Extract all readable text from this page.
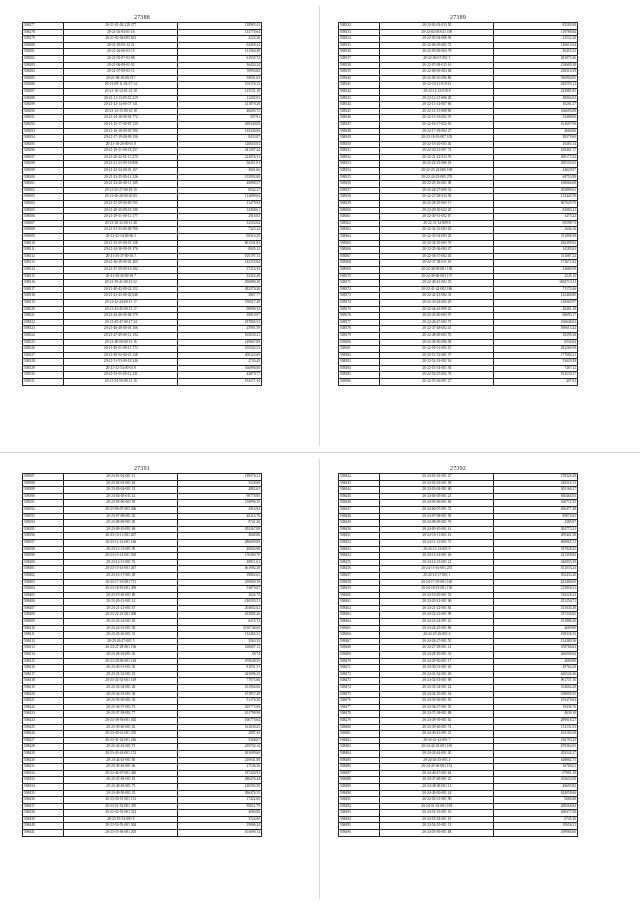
27388
508277	20-21-01-02-218 277	118985.41
508278	20-21-03-04-01-16	113770.64
508279	20-21-02-04-005 601	4123.20
508280	20-21-03-05-12 21	64459.24
508281	20-21-04-06-03-15	131564.48
508282	20-21-05-07-03-88	61935.72
508283	20-21-06-08-01-52	36434.24
508284	20-21-07-09-03-11	70993.82
508285	20-21-08-10-08-517	59001.63
508286	20-21-09-11-02-57 14	101176.13
508287	20-21-10-12-01-21 18	125531.18
508288	20-21-11-13-00-52 219	11292.03
508289	20-21-12-14-00-37 141	141879.28
508290	20-21-13-15-00-16 18	46605.72
508291	20-21-14-16-00-04 772	307.81
508292	20-21-15-17-00-07 120	269340.08
508293	20-21-16-18-00-05 590	135446.06
508294	20-21-17-19-00-09 136	8433.87
508295	20-21-18-20-00-01 8	120650.04
508296	20-21-19-21-00-18 357	341397.44
508297	20-21-20-22-01-13 270	224976.31
508298	20-21-21-23-00-18 808	56451.01
508299	20-21-22-24-00-01 167	4661.66
508300	20-21-23-25-00-11 326	152992.08
508301	20-21-24-26-00-11 109	46898.57
508302	20-21-25-27-00-18 10	8542.27
508303	20-21-26-28-00-45 83	112689.64
508304	20-21-27-29-00-00 705	11479.92
508305	20-21-28-30-00-18 100	14368.61
508306	20-21-29-31-00-12 177	2916.82
508307	20-21-30-32-00-11 48	52354.64
508308	20-21-31-33-00-06 706	7323.22
508309	20-21-32-34-00-06 5	60314.29
508310	20-21-33-35-00-07 128	601341.82
508311	20-21-34-36-00-01 176	8945.12
508312	20-21-35-37-00-18 7	105197.13
508313	20-21-36-38-00-01 400	142155.84
508314	20-21-37-39-00-10 102	37214.35
508315	20-21-38-40-00-18 7	35452.40
508316	20-21-39-41-00-13 52	296080.18
508317	20-21-40-42-00-24 152	282370.26
508318	20-21-41-43-00-02 648	3807.77
508319	20-21-42-44-00-13 17	196517.48
508320	20-21-43-45-00-13 17	90096.32
508321	20-21-44-46-00-08 179	30010.07
508322	20-21-45-47-00-17 24	187805.53
508323	20-21-46-48-00-01 166	25901.59
508324	20-21-47-49-00-12 194	165030.21
508325	20-21-48-50-00-15 16	149667.89
508326	20-21-49-51-00-15 173	105502.53
508327	20-21-50-52-00-23 128	200122.60
508328	20-21-51-53-00-18 246	2743.45
508329	20-21-52-54-00-01 8	166890.06
508330	20-21-53-55-00-12 241	44879.77
508331	20-21-54-56-00-21 16	194371.34
27389
508332	20-22-01-02-013 50	83583.98
508333	20-22-02-03-021 100	119780.84
508334	20-22-03-04-008 56	13532.20
508335	20-22-04-05-002 72	126610.34
508336	20-22-05-06-004 78	30453.22
508337	20-22-06-07-001 5	281873.46
508338	20-22-07-08-013 61	218609.28
508339	20-22-08-09-004 68	238316.39
508340	20-22-09-10-006 80	930994.85
508341	20-22-10-11-010 61	629559.12
508342	20-22-11-12-010 8	223981.85
508343	20-22-12-13-006 28	48004.93
508344	20-22-13-14-007 60	30281.47
508345	20-22-14-15-008 89	166693.89
508346	20-22-15-16-002 91	33488.06
508347	20-22-16-17-022 36	161607.08
508348	20-22-17-18-002 27	4660.66
508349	20-22-18-19-007 105	58379.60
508350	20-22-19-20-003 40	10483.14
508351	20-22-20-21-007 72	169401.17
508352	20-22-21-22-013 76	200175.42
508353	20-22-22-23-006 18	208152.63
508354	20-22-23-24-006 108	44629.97
508355	20-22-24-25-005 270	69753.98
508356	20-22-25-26-001 98	168066.68
508357	20-22-26-27-009 32	292899.61
508358	20-22-27-28-013 38	114420.70
508359	20-22-28-29-003 17	607629.79
508360	20-22-29-30-022 20	82883.41
508361	20-22-30-31-002 67	3475.22
508362	20-22-31-32-009 8	95598.73
508363	20-22-32-33-003 62	1646.16
508364	20-22-33-34-003 29	311808.39
508365	20-22-34-35-005 70	256299.92
508366	20-22-35-36-004 47	14183.63
508367	20-22-36-37-002 43	311687.22
508368	20-22-37-38-011 19	173671.92
508369	20-22-38-39-001 138	33669.59
508370	20-22-39-40-003 137	2245.15
508371	20-22-40-41-002 55	1602713.11
508372	20-22-41-42-002 186	71174.46
508373	20-22-42-43-002 33	145484.80
508374	20-22-43-44-002 29	130003.97
508375	20-22-44-45-009 25	26461.18
508376	20-22-45-46-003 97	60693.17
508377	20-22-46-47-002 75	106646.63
508378	20-22-47-48-002 41	396615.42
508379	20-22-48-49-003 70	39295.38
508380	20-22-49-50-006 58	6536.84
508381	20-22-50-51-002 19	283266.58
508382	20-22-51-52-001 37	177084.21
508383	20-22-52-53-002 16	53629.38
508384	20-22-53-54-001 94	7467.32
508385	20-22-54-55-002 76	814530.37
508386	20-22-55-56-001 27	407.92
27391
508387	20-23-01-02-001 13	189376.11
508388	20-23-02-03-001 64	3328.60
508389	20-23-03-04-001 31	4882.63
508390	20-23-04-05-011 14	90778.85
508391	20-23-05-06-001 95	159896.35
508392	20-23-06-07-003 266	2916.82
508393	20-23-07-08-001 45	40216.76
508394	20-23-08-09-001 85	9741.36
508395	20-23-09-10-001 68	292367.08
508396	20-23-10-11-001 407	4668.86
508397	20-23-11-12-001 166	286699.89
508398	20-23-12-13-001 95	46002.88
508399	20-23-13-14-001 565	176360.70
508400	20-23-14-15-001 91	48911.61
508401	20-23-15-16-001 267	661982.38
508402	20-23-16-17-001 49	18802.63
508403	20-23-17-18-001 711	259669.16
508404	20-23-18-19-001 459	54879.67
508405	20-23-19-20-001 80	1024.79
508406	20-23-20-21-001 14	226593.51
508407	20-23-21-22-001 67	204602.62
508408	20-23-22-23-001 308	435805.26
508409	20-23-23-24-001 82	6472.72
508410	20-23-24-25-001 38	3130746.60
508411	20-23-25-26-001 31	132465.31
508412	20-23-26-27-001 5	3563.35
508413	20-23-27-28-001 196	168607.13
508414	20-23-28-29-001 26	58.74
508415	20-23-29-30-001 120	679048.59
508416	20-23-30-31-001 30	81831.31
508417	20-23-31-32-001 19	423096.25
508418	20-23-32-33-001 149	77075.66
508419	20-23-33-34-001 28	101994.06
508420	20-23-34-35-001 38	101857.48
508421	20-23-35-36-001 30	51376.30
508422	20-23-36-37-001 73	205773.00
508423	20-23-37-38-001 77	101798.98
508424	20-23-38-39-001 302	106770.64
508425	20-23-39-40-001 63	161639.23
508426	20-23-40-41-001 255	2087.43
508427	20-23-41-42-001 226	3568.67
508428	20-23-42-43-001 73	239752.14
508429	20-23-43-44-001 152	261699.60
508430	20-23-44-45-001 60	210941.88
508431	20-23-45-46-001 66	27546.16
508432	20-23-46-47-001 420	187420.92
508433	20-23-47-48-001 81	286476.44
508434	20-23-48-49-001 75	120593.58
508435	20-23-49-50-001 25	286476.33
508436	20-23-50-51-001 131	17422.60
508437	20-23-51-52-001 476	85611.79
508438	20-23-52-53-001 314	4669.80
508439	20-23-53-54-001 8	3724.00
508440	20-23-54-55-001 364	19906.24
508441	20-23-55-56-001 205	101690.12
27392
508442	20-24-01-02-001 27	278326.29
508443	20-24-02-03-001 58	438216.15
508444	20-24-03-04-001 60	305160.27
508445	20-24-04-05-001 21	656464.03
508446	20-24-05-06-001 69	166772.35
508447	20-24-06-07-001 72	656477.48
508448	20-24-07-08-001 58	85874.65
508449	20-24-08-09-001 76	2385.97
508450	20-24-09-10-001 14	304773.21
508451	20-24-10-11-001 16	209401.58
508452	20-24-11-12-001 73	608965.72
508453	20-24-12-13-001 9	537028.25
508454	20-24-13-14-001 46	221358.82
508455	20-24-14-15-001 21	626855.39
508456	20-24-15-16-001 255	351033.24
508457	20-24-16-17-001 1	502433.40
508458	20-24-17-18-001 160	623406.65
508459	20-24-18-19-001 156	213856.31
508460	20-24-19-20-001 52	510226.52
508461	20-24-20-21-001 96	251254.71
508462	20-24-21-22-001 84	531643.38
508463	20-24-22-23-001 90	537336.85
508464	20-24-23-24-001 10	191888.26
508465	20-24-24-25-001 86	4669.80
508466	20-24-25-26-001 6	108336.33
508467	20-24-26-27-001 55	134280.36
508468	20-24-27-28-001 12	108786.84
508469	20-24-28-29-001 33	266000.84
508470	20-24-29-30-001 17	4669.80
508471	20-24-30-31-001 63	49764.28
508472	20-24-31-32-001 46	626526.46
508473	20-24-32-33-001 68	961737.16
508474	20-24-33-34-001 22	104604.28
508475	20-24-34-35-001 54	198009.25
508476	20-24-35-36-001 50	105470.04
508477	20-24-36-37-001 55	19436.76
508478	20-24-37-38-001 88	4639.10
508479	20-24-38-39-001 62	289918.27
508480	20-24-39-40-001 74	131131.03
508481	20-24-40-41-001 21	102182.69
508482	20-24-41-42-001 7	186793.23
508483	20-24-42-43-001 165	679362.65
508484	20-24-43-44-001 20	203342.27
508485	20-24-44-45-001 4	168882.75
508486	20-24-45-46-001 132	16780.61
508487	20-24-46-47-001 64	67901.18
508488	20-24-47-48-001 25	165652.08
508489	20-24-48-49-001 11	46693.82
508490	20-24-49-50-001 24	624058.66
508491	20-24-50-51-001 90	5684.88
508492	20-24-51-52-001 194	408268.84
508493	20-24-52-53-001 16	268473.38
508494	20-24-53-54-001 19	6745.30
508495	20-24-54-55-001 13	10656.51
508496	20-24-55-56-001 68	109984.66
